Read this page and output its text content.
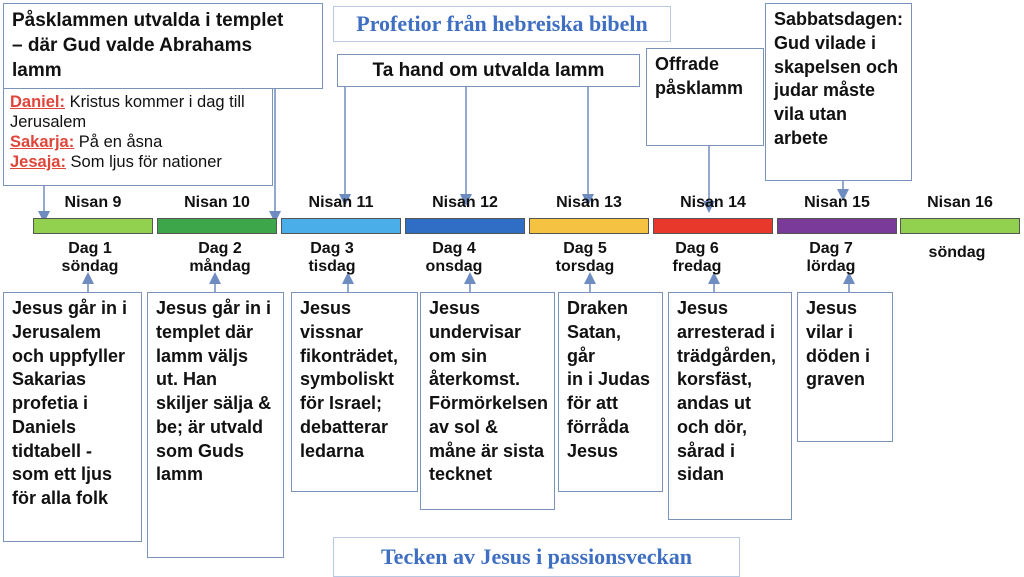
Påsklammen utvalda i templet
– där Gud valde Abrahams
lamm
Daniel: Kristus kommer i dag till Jerusalem
Sakarja: På en åsna
Jesaja: Som ljus för nationer
Profetior från hebreiska bibeln
Ta hand om utvalda lamm	Offrade
påsklamm
Sabbatsdagen:
Gud vilade i
skapelsen och
judar måste
vila utan
arbete
Nisan 9	Nisan 10	Nisan 11	Nisan 12	Nisan 13	Nisan 14	Nisan 15	Nisan 16
Dag 1
söndag
Dag 2
måndag
Dag 3
tisdag
Dag 4
onsdag
Dag 5
torsdag
Dag 6
fredag
Dag 7
lördag
söndag
Jesus går in i
Jerusalem
och uppfyller
Sakarias
profetia i
Daniels
tidtabell -
som ett ljus
för alla folk
Jesus går in i
templet där
lamm väljs
ut. Han
skiljer sälja &
be; är utvald
som Guds
lamm
Jesus
vissnar
fikonträdet,
symboliskt
för Israel;
debatterar
ledarna
Jesus
undervisar
om sin
återkomst.
Förmörkelsen
av sol &
måne är sista
tecknet
Draken
Satan, går
in i Judas
för att
förråda
Jesus
Jesus
arresterad i
trädgården,
korsfäst,
andas ut
och dör,
sårad i
sidan
Jesus
vilar i
döden i
graven
Tecken av Jesus i passionsveckan
